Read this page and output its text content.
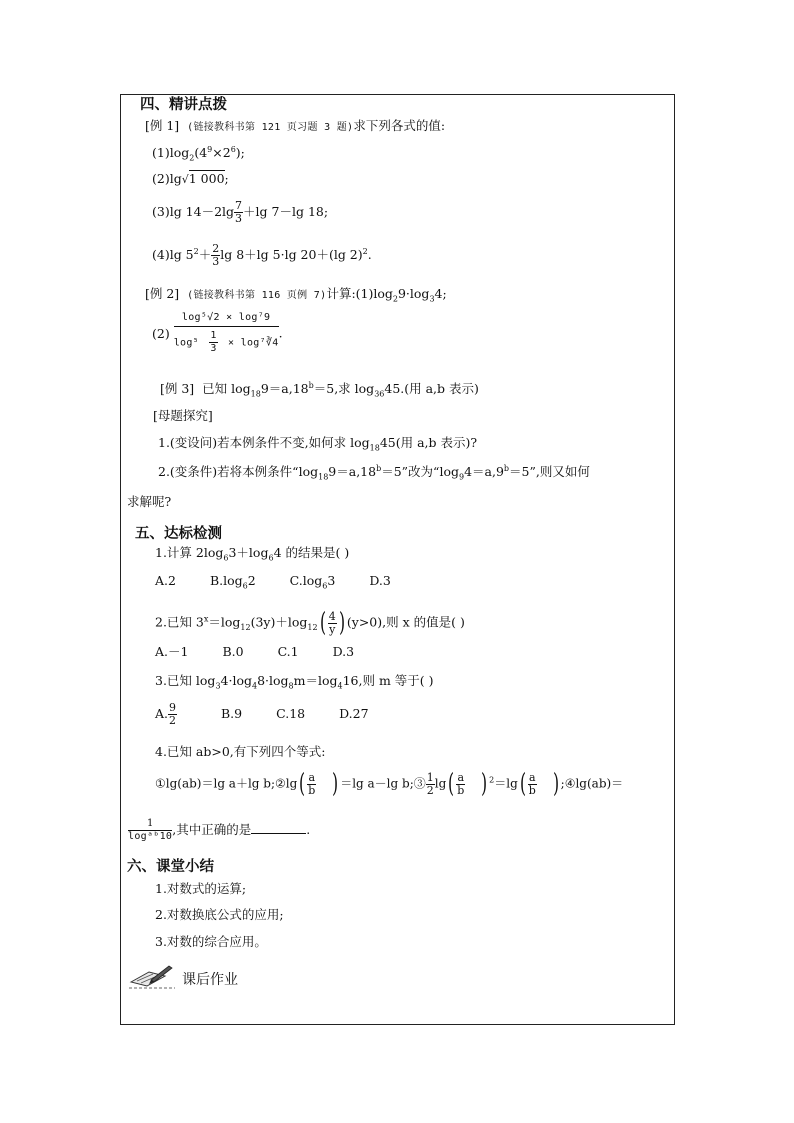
四、精讲点拨
[例 1] (链接教科书第 121 页习题 3 题)求下列各式的值:
$(1)\log_2(4^9\times 2^6)$;
(2)lg√1 000;
(3)lg $14-2\lg \frac{7}{3} +\lg$ 7－lg 18;
(4)lg $5^2+ \frac{2}{3}$ lg 8＋lg 5·lg 20＋(lg 2)$^2$.
[例 2] (链接教科书第 116 页例 7)计算$:(1)\log_29\cdot\log_34$;
$(2) \frac{\text{log⁵√2 × log⁷9}}{\log^5 \frac{1}{3} \times \log^7∛4}$ .
[例 3] 已知 $\log_{18}9=a,18^b=5$,求 $\log_{36}45$.(用 a,b 表示)
[母题探究]
1.(变设问)若本例条件不变,如何求 $\log_{18}45$(用 a,b 表示)?
2.(变条件)若将本例条件“$\log_{18}9=a,18^b=5$”改为“$\log_94=a,9^b=5$”,则又如何
求解呢?
五、达标检测
1.计算 $2\log_63+\log_64$ 的结果是( )
A.2	$B.\log_62$	$C.\log_63$	D.3
2.已知 $3^x=\log_{12}(3y)+\log_{12}( \frac{4}{y}$ ) (y>0),则 x 的值是( )
A.－1	B.0	C.1	D.3
3.已知 $\log_34\cdot\log_48\cdot\log_8m=\log_416$,则 m 等于( )
A. $\frac{9}{2}$	B.9	C.18	D.27
4.已知 ab>0,有下列四个等式:
①lg(ab)＝lg a＋lg b;②lg( $\frac{a}{b}$ ) ＝lg a－lg b;③ $\frac{1}{2} \lg( \frac{a}{b}$ ) $^2=\lg( \frac{a}{b}$ ) ;④lg(ab)＝
$\frac{1}{\text{logᵃᵇ10}}$ ,其中正确的是	.
六、课堂小结
1.对数式的运算;
2.对数换底公式的应用;
3.对数的综合应用。
课后作业
